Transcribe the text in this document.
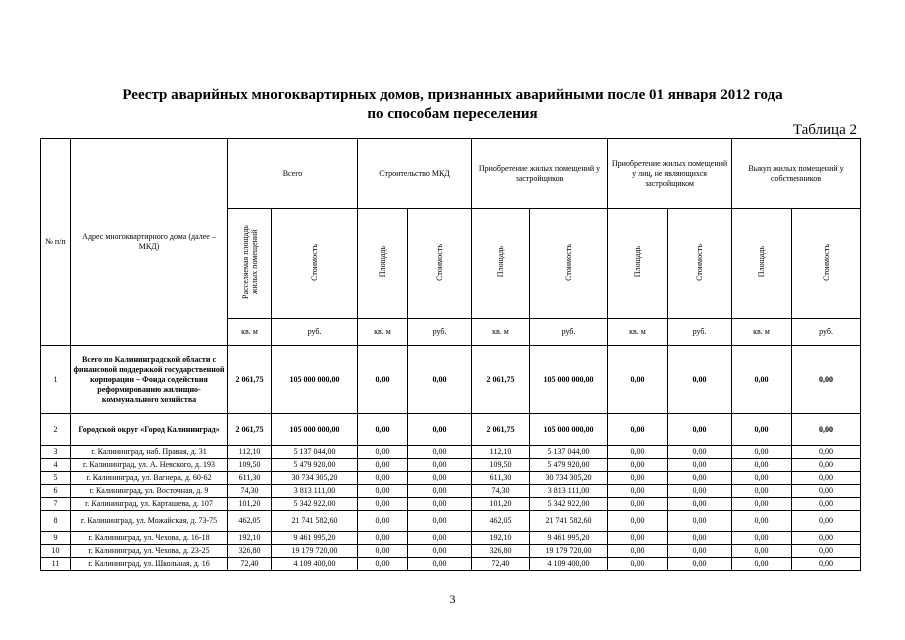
Реестр аварийных многоквартирных домов, признанных аварийными после 01 января 2012 года
по способам переселения
Таблица 2
№ п/п	Адрес многоквартирного дома (далее – МКД)	Всего		Строительство МКД		Приобретение жилых помещений у застройщиков		Приобретение жилых помещений у лиц, не являющихся застройщиком		Выкуп жилых помещений у собственников	
		Расселяемая площадь жилых помещений	Стоимость	Площадь	Стоимость	Площадь	Стоимость	Площадь	Стоимость	Площадь	Стоимость
		кв. м	руб.	кв. м	руб.	кв. м	руб.	кв. м	руб.	кв. м	руб.
1	Всего по Калининградской области с финансовой поддержкой государственной корпорации – Фонда содействия реформированию жилищно-коммунального хозяйства	2 061,75	105 000 000,00	0,00	0,00	2 061,75	105 000 000,00	0,00	0,00	0,00	0,00
2	Городской округ «Город Калининград»	2 061,75	105 000 000,00	0,00	0,00	2 061,75	105 000 000,00	0,00	0,00	0,00	0,00
3	г. Калининград, наб. Правая, д. 31	112,10	5 137 044,00	0,00	0,00	112,10	5 137 044,00	0,00	0,00	0,00	0,00
4	г. Калининград, ул. А. Невского, д. 193	109,50	5 479 920,00	0,00	0,00	109,50	5 479 920,00	0,00	0,00	0,00	0,00
5	г. Калининград, ул. Вагнера, д. 60-62	611,30	30 734 305,20	0,00	0,00	611,30	30 734 305,20	0,00	0,00	0,00	0,00
6	г. Калининград, ул. Восточная, д. 9	74,30	3 813 111,00	0,00	0,00	74,30	3 813 111,00	0,00	0,00	0,00	0,00
7	г. Калининград, ул. Карташева, д. 107	101,20	5 342 922,00	0,00	0,00	101,20	5 342 922,00	0,00	0,00	0,00	0,00
8	г. Калининград, ул. Можайская, д. 73-75	462,05	21 741 582,60	0,00	0,00	462,05	21 741 582,60	0,00	0,00	0,00	0,00
9	г. Калининград, ул. Чехова, д. 16-18	192,10	9 461 995,20	0,00	0,00	192,10	9 461 995,20	0,00	0,00	0,00	0,00
10	г. Калининград, ул. Чехова, д. 23-25	326,80	19 179 720,00	0,00	0,00	326,80	19 179 720,00	0,00	0,00	0,00	0,00
11	г. Калининград, ул. Школьная, д. 16	72,40	4 109 400,00	0,00	0,00	72,40	4 109 400,00	0,00	0,00	0,00	0,00
3
